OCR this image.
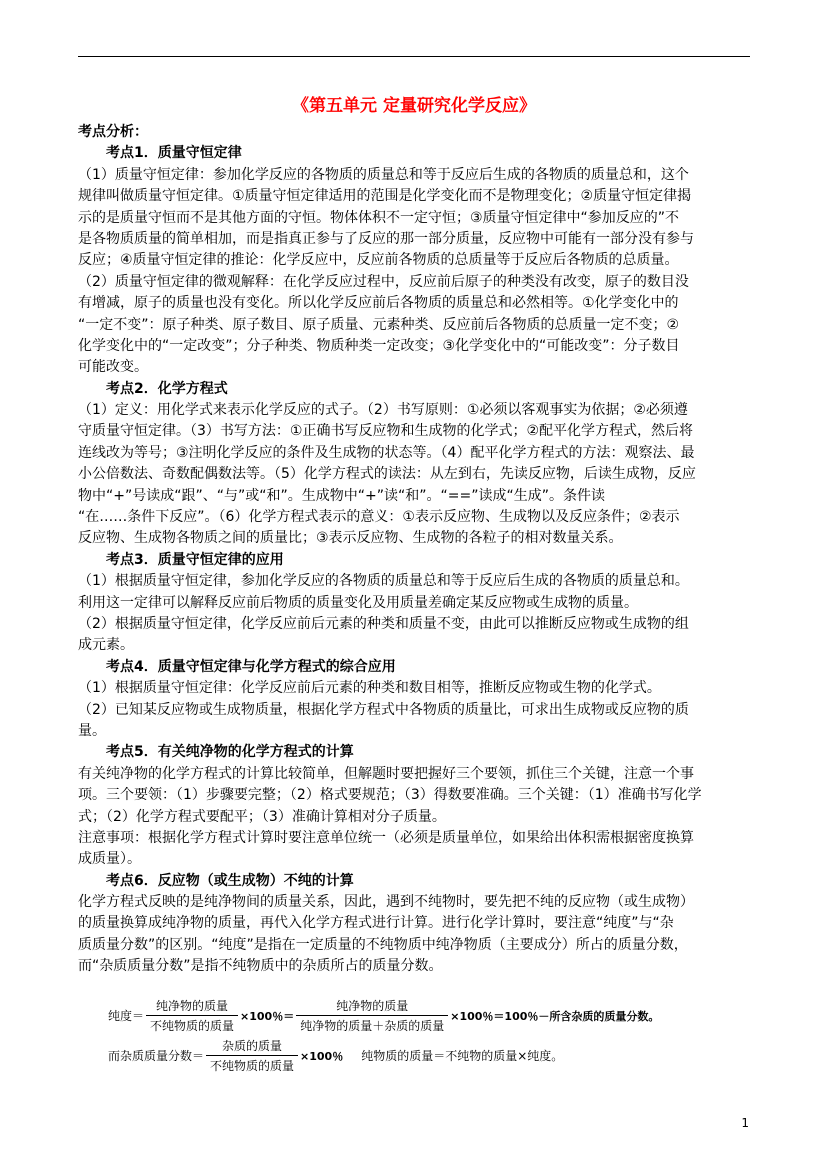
《第五单元 定量研究化学反应》
考点分析：
考点1．质量守恒定律
（1）质量守恒定律：参加化学反应的各物质的质量总和等于反应后生成的各物质的质量总和，这个
规律叫做质量守恒定律。①质量守恒定律适用的范围是化学变化而不是物理变化；②质量守恒定律揭
示的是质量守恒而不是其他方面的守恒。物体体积不一定守恒；③质量守恒定律中“参加反应的”不
是各物质质量的简单相加，而是指真正参与了反应的那一部分质量，反应物中可能有一部分没有参与
反应；④质量守恒定律的推论：化学反应中，反应前各物质的总质量等于反应后各物质的总质量。
（2）质量守恒定律的微观解释：在化学反应过程中，反应前后原子的种类没有改变，原子的数目没
有增减，原子的质量也没有变化。所以化学反应前后各物质的质量总和必然相等。①化学变化中的
“一定不变”：原子种类、原子数目、原子质量、元素种类、反应前后各物质的总质量一定不变；②
化学变化中的“一定改变”；分子种类、物质种类一定改变；③化学变化中的“可能改变”：分子数目
可能改变。
考点2．化学方程式
（1）定义：用化学式来表示化学反应的式子。（2）书写原则：①必须以客观事实为依据；②必须遵
守质量守恒定律。（3）书写方法：①正确书写反应物和生成物的化学式；②配平化学方程式，然后将
连线改为等号；③注明化学反应的条件及生成物的状态等。（4）配平化学方程式的方法：观察法、最
小公倍数法、奇数配偶数法等。（5）化学方程式的读法：从左到右，先读反应物，后读生成物，反应
物中“+”号读成“跟”、“与”或“和”。生成物中“+”读“和”。“==”读成“生成”。条件读
“在……条件下反应”。（6）化学方程式表示的意义：①表示反应物、生成物以及反应条件；②表示
反应物、生成物各物质之间的质量比；③表示反应物、生成物的各粒子的相对数量关系。
考点3．质量守恒定律的应用
（1）根据质量守恒定律，参加化学反应的各物质的质量总和等于反应后生成的各物质的质量总和。
利用这一定律可以解释反应前后物质的质量变化及用质量差确定某反应物或生成物的质量。
（2）根据质量守恒定律，化学反应前后元素的种类和质量不变，由此可以推断反应物或生成物的组
成元素。
考点4．质量守恒定律与化学方程式的综合应用
（1）根据质量守恒定律：化学反应前后元素的种类和数目相等，推断反应物或生物的化学式。
（2）已知某反应物或生成物质量，根据化学方程式中各物质的质量比，可求出生成物或反应物的质
量。
考点5．有关纯净物的化学方程式的计算
有关纯净物的化学方程式的计算比较简单，但解题时要把握好三个要领，抓住三个关键，注意一个事
项。三个要领：（1）步骤要完整；（2）格式要规范；（3）得数要准确。三个关键：（1）准确书写化学
式；（2）化学方程式要配平；（3）准确计算相对分子质量。
注意事项：根据化学方程式计算时要注意单位统一（必须是质量单位，如果给出体积需根据密度换算
成质量）。
考点6．反应物（或生成物）不纯的计算
化学方程式反映的是纯净物间的质量关系，因此，遇到不纯物时，要先把不纯的反应物（或生成物）
的质量换算成纯净物的质量，再代入化学方程式进行计算。进行化学计算时，要注意“纯度”与“杂
质质量分数”的区别。“纯度”是指在一定质量的不纯物质中纯净物质（主要成分）所占的质量分数，
而“杂质质量分数”是指不纯物质中的杂质所占的质量分数。
纯度＝ $\frac{\text{纯净物的质量}}{\text{不纯物质的质量}} \times 100$％＝ $\frac{\text{纯净物的质量}}{\text{纯净物的质量＋杂质的质量}} \times 100$％＝100％－所含杂质的质量分数。
而杂质质量分数＝ $\frac{\text{杂质的质量}}{\text{不纯物质的质量}} \times 100$％ 纯物质的质量＝不纯物的质量×纯度。
1
